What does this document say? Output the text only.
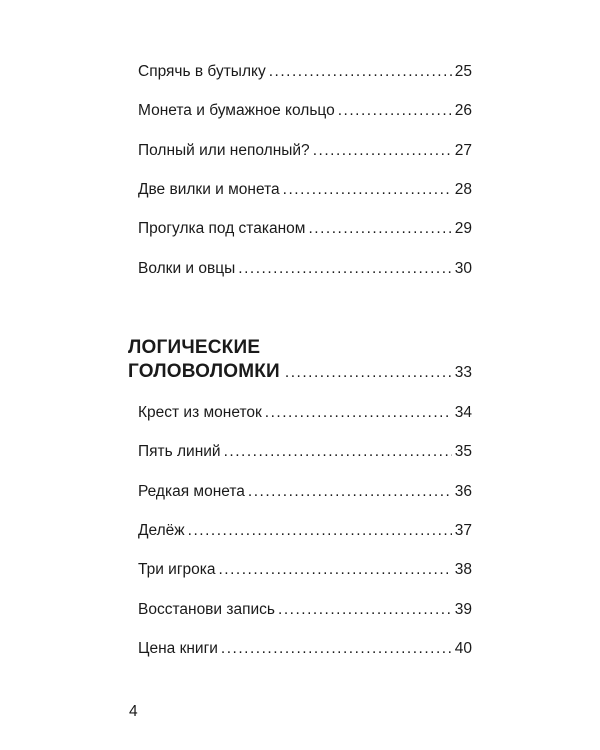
Спрячь в бутылку . . .	25
Монета и бумажное кольцо . . .	26
Полный или неполный? . . .	27
Две вилки и монета . . .	28
Прогулка под стаканом . . .	29
Волки и овцы . . .	30
ЛОГИЧЕСКИЕ
ГОЛОВОЛОМКИ . . .	33
Крест из монеток . . .	34
Пять линий . . .	35
Редкая монета . . .	36
Делёж . . .	37
Три игрока . . .	38
Восстанови запись . . .	39
Цена книги . . .	40
4
